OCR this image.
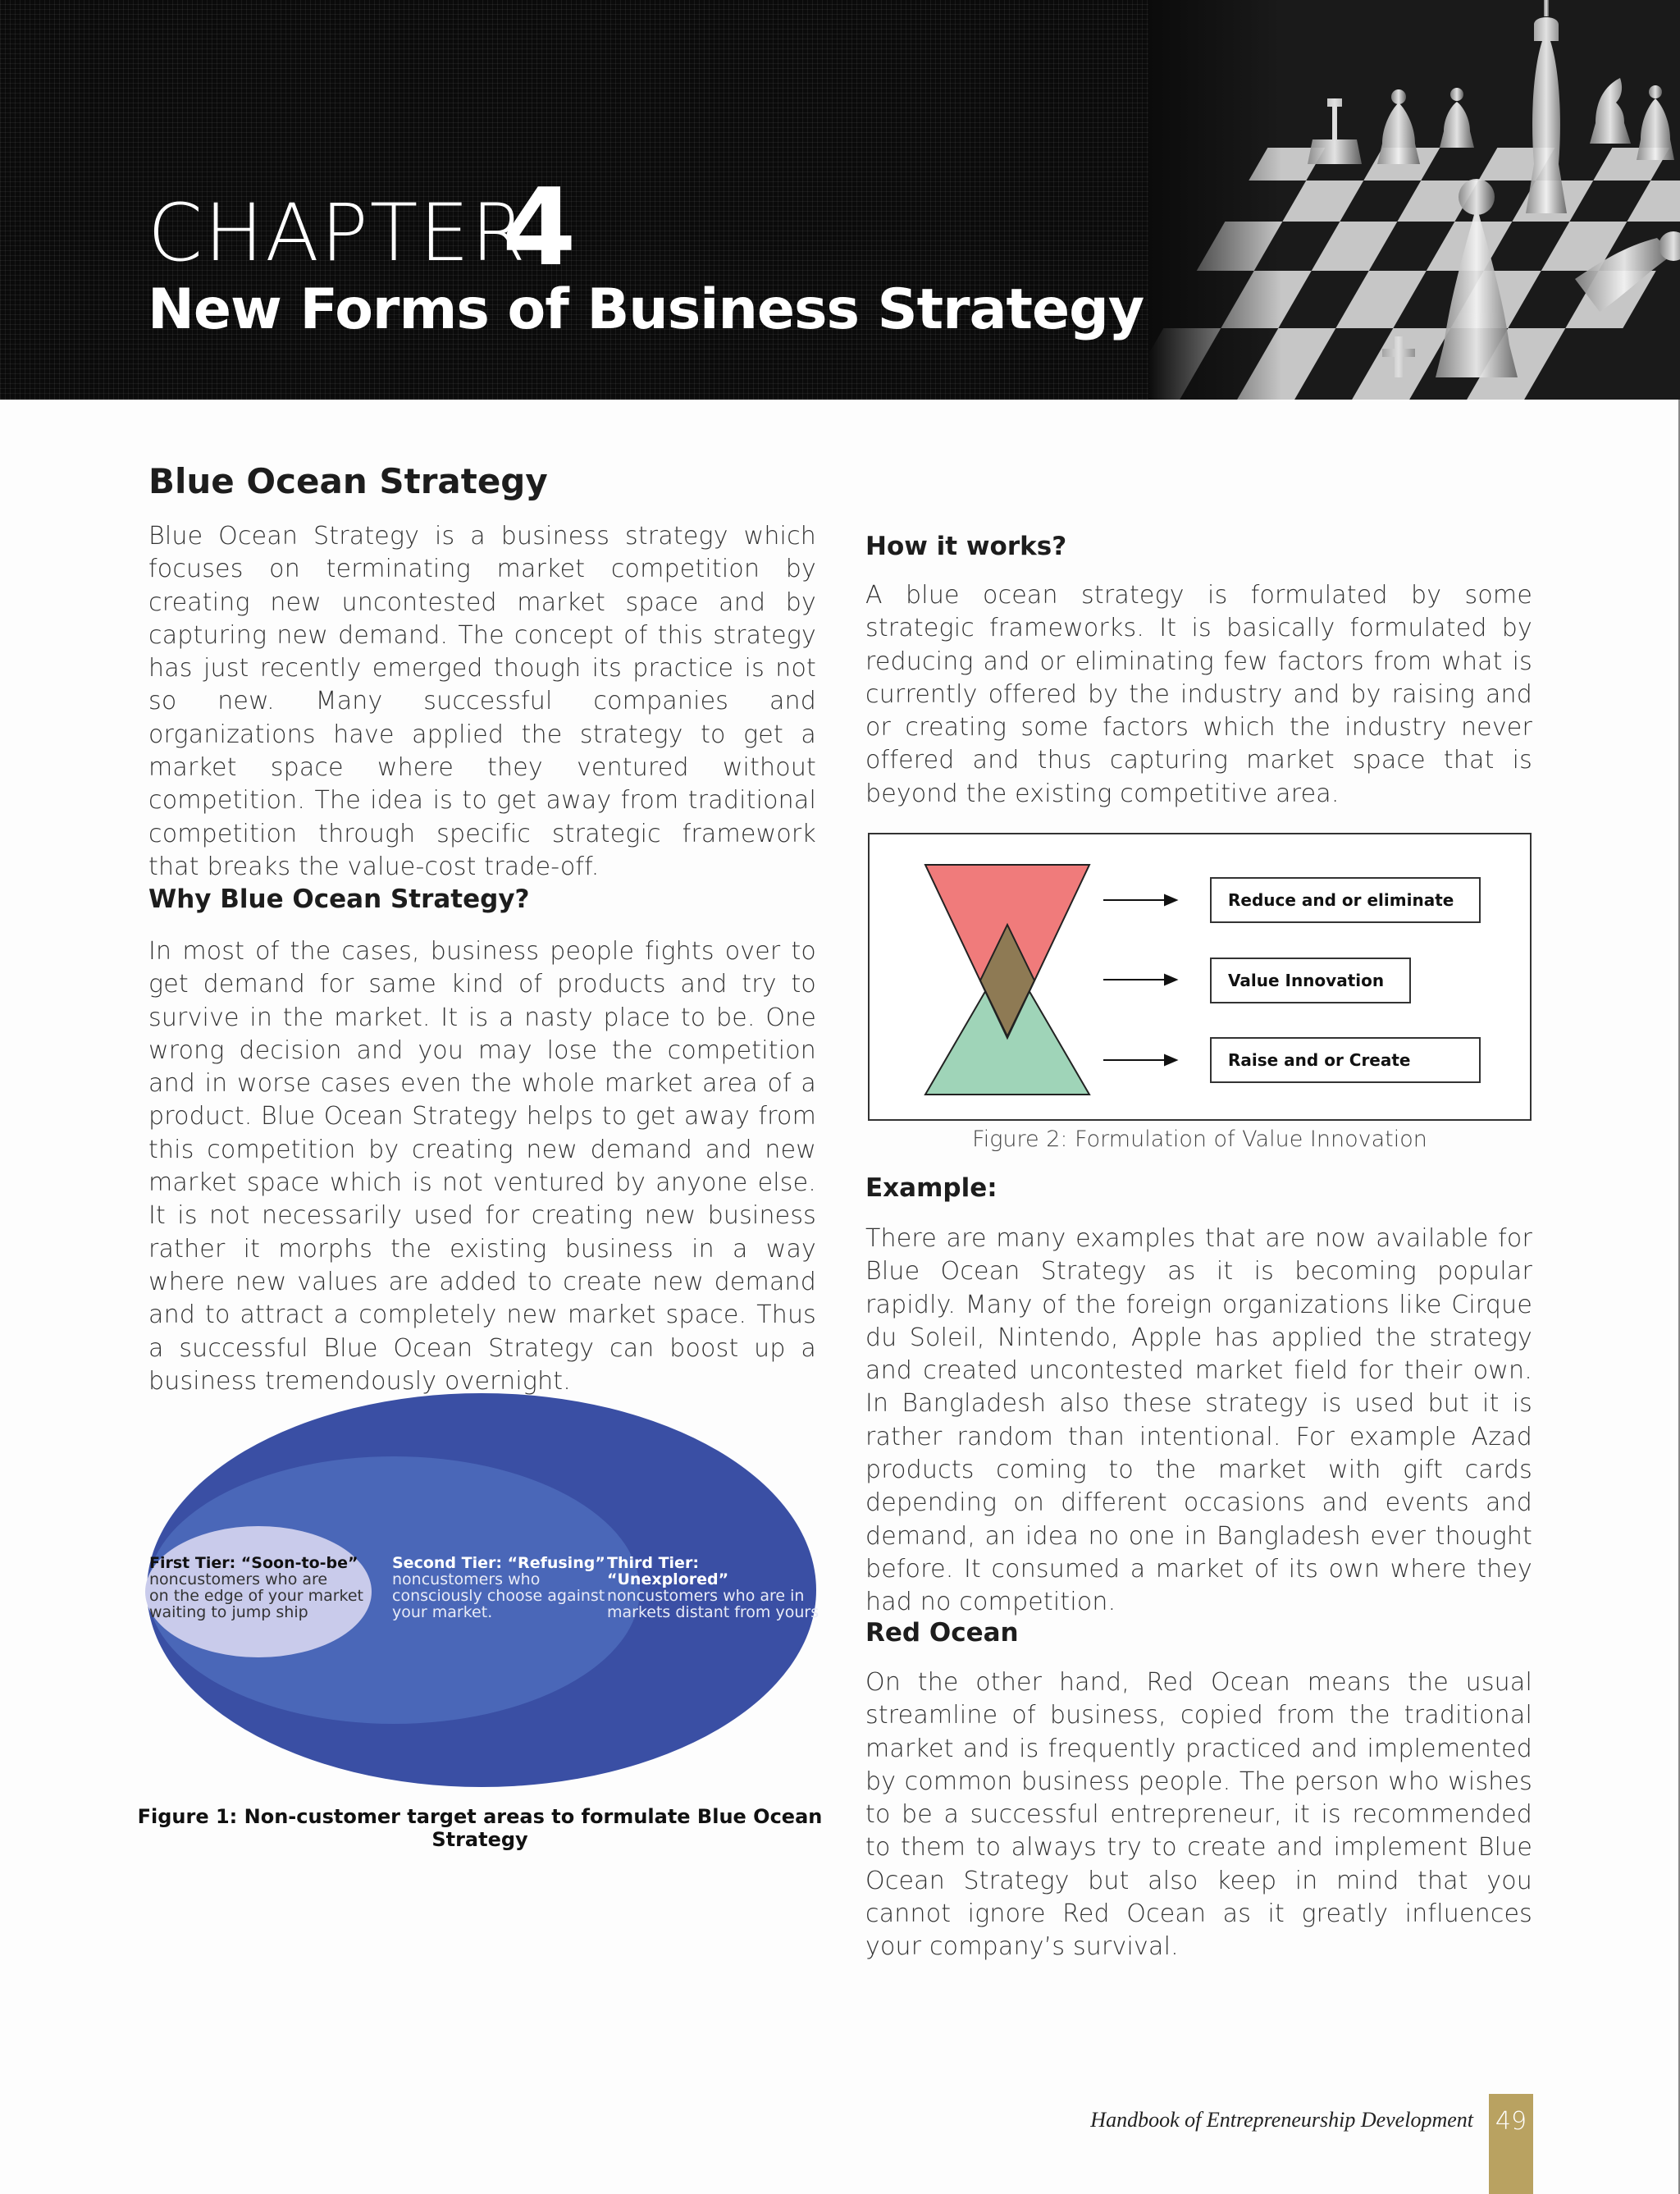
CHAPTER
4
New Forms of Business Strategy
Blue Ocean Strategy

Blue Ocean Strategy is a business strategy which focuses on terminating market competition by creating new uncontested market space and by capturing new demand. The concept of this strategy has just recently emerged though its practice is not so new. Many successful companies and organizations have applied the strategy to get a market space where they ventured without competition. The idea is to get away from traditional competition through specific strategic framework that breaks the value-cost trade-off.

Why Blue Ocean Strategy?

In most of the cases, business people fights over to get demand for same kind of products and try to survive in the market. It is a nasty place to be. One wrong decision and you may lose the competition and in worse cases even the whole market area of a product. Blue Ocean Strategy helps to get away from this competition by creating new demand and new market space which is not ventured by anyone else. It is not necessarily used for creating new business rather it morphs the existing business in a way where new values are added to create new demand and to attract a completely new market space. Thus a successful Blue Ocean Strategy can boost up a business tremendously overnight.

First Tier: “Soon-to-be”
noncustomers who are
on the edge of your market
waiting to jump ship
Second Tier: “Refusing”
noncustomers who
consciously choose against
your market.
Third Tier: “Unexplored”
noncustomers who are in
markets distant from yours
Figure 1: Non-customer target areas to formulate Blue Ocean Strategy
How it works?

A blue ocean strategy is formulated by some strategic frameworks. It is basically formulated by reducing and or eliminating few factors from what is currently offered by the industry and by raising and or creating some factors which the industry never offered and thus capturing market space that is beyond the existing competitive area.

Reduce and or eliminate
Value Innovation
Raise and or Create
Figure 2: Formulation of Value Innovation
Example:

There are many examples that are now available for Blue Ocean Strategy as it is becoming popular rapidly. Many of the foreign organizations like Cirque du Soleil, Nintendo, Apple has applied the strategy and created uncontested market field for their own. In Bangladesh also these strategy is used but it is rather random than intentional. For example Azad products coming to the market with gift cards depending on different occasions and events and demand, an idea no one in Bangladesh ever thought before. It consumed a market of its own where they had no competition.

Red Ocean

On the other hand, Red Ocean means the usual streamline of business, copied from the traditional market and is frequently practiced and implemented by common business people. The person who wishes to be a successful entrepreneur, it is recommended to them to always try to create and implement Blue Ocean Strategy but also keep in mind that you cannot ignore Red Ocean as it greatly influences your company’s survival.

Handbook of Entrepreneurship Development 49
